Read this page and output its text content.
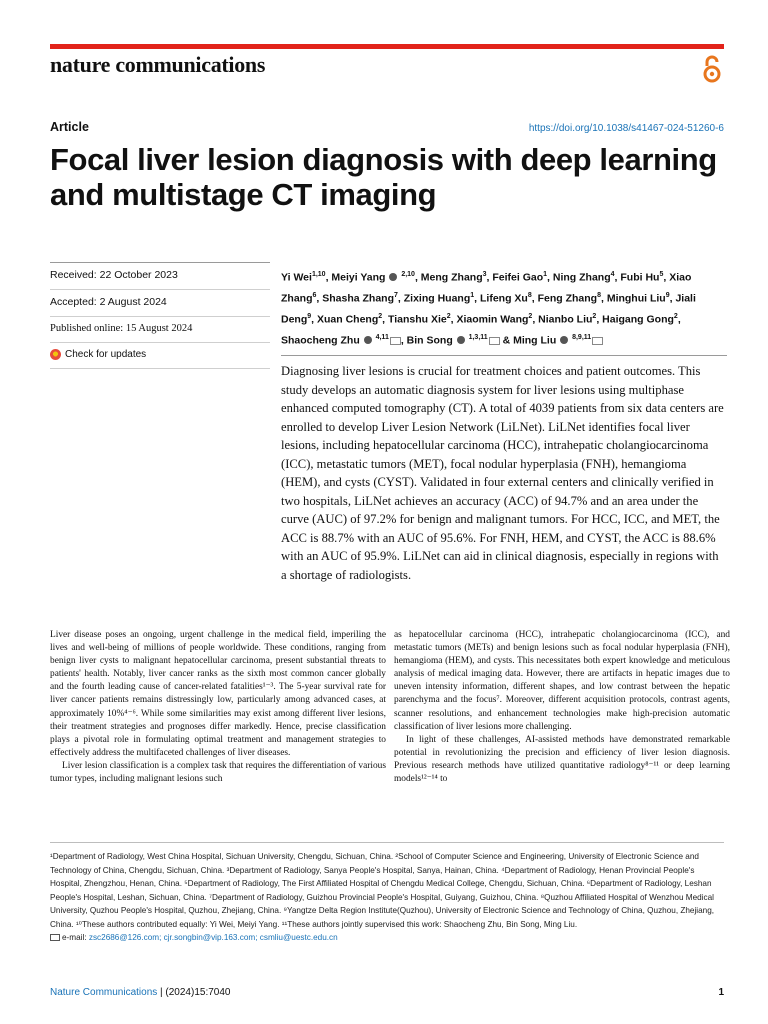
nature communications
Article	https://doi.org/10.1038/s41467-024-51260-6
Focal liver lesion diagnosis with deep learning and multistage CT imaging
Received: 22 October 2023
Accepted: 2 August 2024
Published online: 15 August 2024
Check for updates
Yi Wei$^{1,10}$, Meiyi Yang  $^{2,10}$, Meng Zhang$^3$, Feifei Gao$^1$, Ning Zhang$^4$, Fubi Hu$^5$, Xiao Zhang$^6$, Shasha Zhang$^7$, Zixing Huang$^1$, Lifeng Xu$^8$, Feng Zhang$^8$, Minghui Liu$^9$, Jiali Deng$^9$, Xuan Cheng$^2$, Tianshu Xie$^2$, Xiaomin Wang$^2$, Nianbo Liu$^2$, Haigang Gong$^2$, Shaocheng Zhu  $^{4,11}$ , Bin Song  $^{1,3,11}$ & Ming Liu  $^{8,9,11}$

Diagnosing liver lesions is crucial for treatment choices and patient outcomes. This study develops an automatic diagnosis system for liver lesions using multiphase enhanced computed tomography (CT). A total of 4039 patients from six data centers are enrolled to develop Liver Lesion Network (LiLNet). LiLNet identifies focal liver lesions, including hepatocellular carcinoma (HCC), intrahepatic cholangiocarcinoma (ICC), metastatic tumors (MET), focal nodular hyperplasia (FNH), hemangioma (HEM), and cysts (CYST). Validated in four external centers and clinically verified in two hospitals, LiLNet achieves an accuracy (ACC) of 94.7% and an area under the curve (AUC) of 97.2% for benign and malignant tumors. For HCC, ICC, and MET, the ACC is 88.7% with an AUC of 95.6%. For FNH, HEM, and CYST, the ACC is 88.6% with an AUC of 95.9%. LiLNet can aid in clinical diagnosis, especially in regions with a shortage of radiologists.

Liver disease poses an ongoing, urgent challenge in the medical field, imperiling the lives and well-being of millions of people worldwide. These conditions, ranging from benign liver cysts to malignant hepatocellular carcinoma, present substantial threats to patients' health. Notably, liver cancer ranks as the sixth most common cancer globally and the fourth leading cause of cancer-related fatalities¹⁻³. The 5-year survival rate for liver cancer patients remains distressingly low, particularly among advanced cases, at approximately 10%⁴⁻⁶. While some similarities may exist among different liver lesions, their treatment strategies and prognoses differ markedly. Hence, precise classification plays a pivotal role in formulating optimal treatment and management strategies to effectively address the multifaceted challenges of liver diseases.

Liver lesion classification is a complex task that requires the differentiation of various tumor types, including malignant lesions such

as hepatocellular carcinoma (HCC), intrahepatic cholangiocarcinoma (ICC), and metastatic tumors (METs) and benign lesions such as focal nodular hyperplasia (FNH), hemangioma (HEM), and cysts. This necessitates both expert knowledge and meticulous analysis of medical imaging data. However, there are artifacts in hepatic images due to uneven intensity information, different shapes, and low contrast between the hepatic parenchyma and the focus⁷. Moreover, different acquisition protocols, contrast agents, scanner resolutions, and enhancement technologies make high-precision automatic classification of liver lesions more challenging.

In light of these challenges, AI-assisted methods have demonstrated remarkable potential in revolutionizing the precision and efficiency of liver lesion diagnosis. Previous research methods have utilized quantitative radiology⁸⁻¹¹ or deep learning models¹²⁻¹⁴ to

¹Department of Radiology, West China Hospital, Sichuan University, Chengdu, Sichuan, China. ²School of Computer Science and Engineering, University of Electronic Science and Technology of China, Chengdu, Sichuan, China. ³Department of Radiology, Sanya People's Hospital, Sanya, Hainan, China. ⁴Department of Radiology, Henan Provincial People's Hospital, Zhengzhou, Henan, China. ⁵Department of Radiology, The First Affiliated Hospital of Chengdu Medical College, Chengdu, Sichuan, China. ⁶Department of Radiology, Leshan People's Hospital, Leshan, Sichuan, China. ⁷Department of Radiology, Guizhou Provincial People's Hospital, Guiyang, Guizhou, China. ⁸Quzhou Affiliated Hospital of Wenzhou Medical University, Quzhou People's Hospital, Quzhou, Zhejiang, China. ⁹Yangtze Delta Region Institute(Quzhou), University of Electronic Science and Technology of China, Quzhou, Zhejiang, China. ¹⁰These authors contributed equally: Yi Wei, Meiyi Yang. ¹¹These authors jointly supervised this work: Shaocheng Zhu, Bin Song, Ming Liu.
e-mail: zsc2686@126.com; cjr.songbin@vip.163.com; csmliu@uestc.edu.cn
Nature Communications | (2024)15:7040	1
